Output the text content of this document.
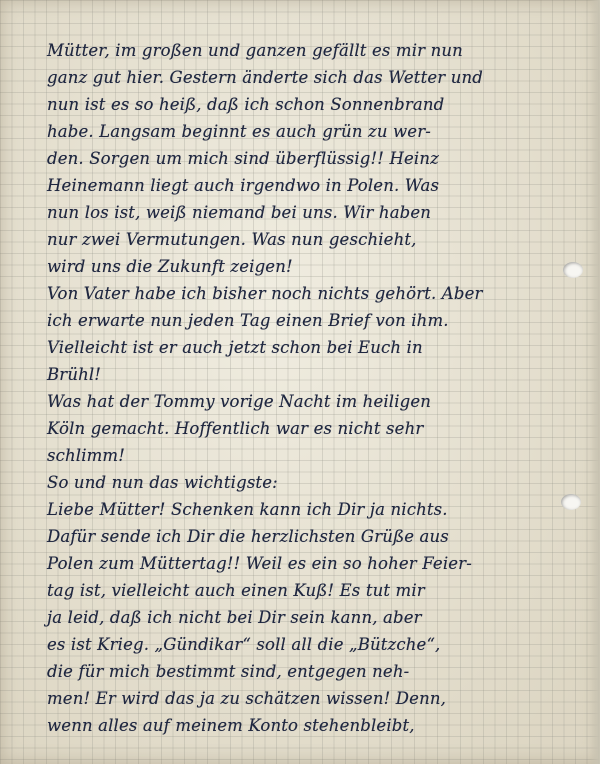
Mütter, im großen und ganzen gefällt es mir nun
ganz gut hier. Gestern änderte sich das Wetter und
nun ist es so heiß, daß ich schon Sonnenbrand
habe. Langsam beginnt es auch grün zu wer-
den. Sorgen um mich sind überflüssig!! Heinz
Heinemann liegt auch irgendwo in Polen. Was
nun los ist, weiß niemand bei uns. Wir haben
nur zwei Vermutungen. Was nun geschieht,
wird uns die Zukunft zeigen!
Von Vater habe ich bisher noch nichts gehört. Aber
ich erwarte nun jeden Tag einen Brief von ihm.
Vielleicht ist er auch jetzt schon bei Euch in
Brühl!
Was hat der Tommy vorige Nacht im heiligen
Köln gemacht. Hoffentlich war es nicht sehr
schlimm!
So und nun das wichtigste:
Liebe Mütter! Schenken kann ich Dir ja nichts.
Dafür sende ich Dir die herzlichsten Grüße aus
Polen zum Müttertag!! Weil es ein so hoher Feier-
tag ist, vielleicht auch einen Kuß! Es tut mir
ja leid, daß ich nicht bei Dir sein kann, aber
es ist Krieg. „Gündikar“ soll all die „Bützche“,
die für mich bestimmt sind, entgegen neh-
men! Er wird das ja zu schätzen wissen! Denn,
wenn alles auf meinem Konto stehenbleibt,
